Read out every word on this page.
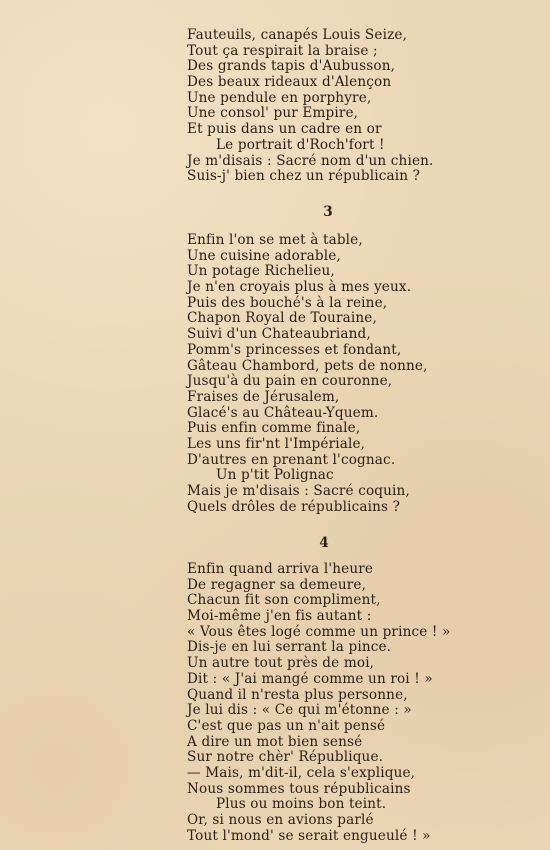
Fauteuils, canapés Louis Seize,
Tout ça respirait la braise ;
Des grands tapis d'Aubusson,
Des beaux rideaux d'Alençon
Une pendule en porphyre,
Une consol' pur Empire,
Et puis dans un cadre en or
Le portrait d'Roch'fort !
Je m'disais : Sacré nom d'un chien.
Suis-j' bien chez un républicain ?
3
Enfin l'on se met à table,
Une cuisine adorable,
Un potage Richelieu,
Je n'en croyais plus à mes yeux.
Puis des bouché's à la reine,
Chapon Royal de Touraine,
Suivi d'un Chateaubriand,
Pomm's princesses et fondant,
Gâteau Chambord, pets de nonne,
Jusqu'à du pain en couronne,
Fraises de Jérusalem,
Glacé's au Château-Yquem.
Puis enfin comme finale,
Les uns fir'nt l'Impériale,
D'autres en prenant l'cognac.
Un p'tit Polignac
Mais je m'disais : Sacré coquin,
Quels drôles de républicains ?
4
Enfin quand arriva l'heure
De regagner sa demeure,
Chacun fit son compliment,
Moi-même j'en fis autant :
« Vous êtes logé comme un prince ! »
Dis-je en lui serrant la pince.
Un autre tout près de moi,
Dit : « J'ai mangé comme un roi ! »
Quand il n'resta plus personne,
Je lui dis : « Ce qui m'étonne : »
C'est que pas un n'ait pensé
A dire un mot bien sensé
Sur notre chèr' République.
— Mais, m'dit-il, cela s'explique,
Nous sommes tous républicains
Plus ou moins bon teint.
Or, si nous en avions parlé
Tout l'mond' se serait engueulé ! »
